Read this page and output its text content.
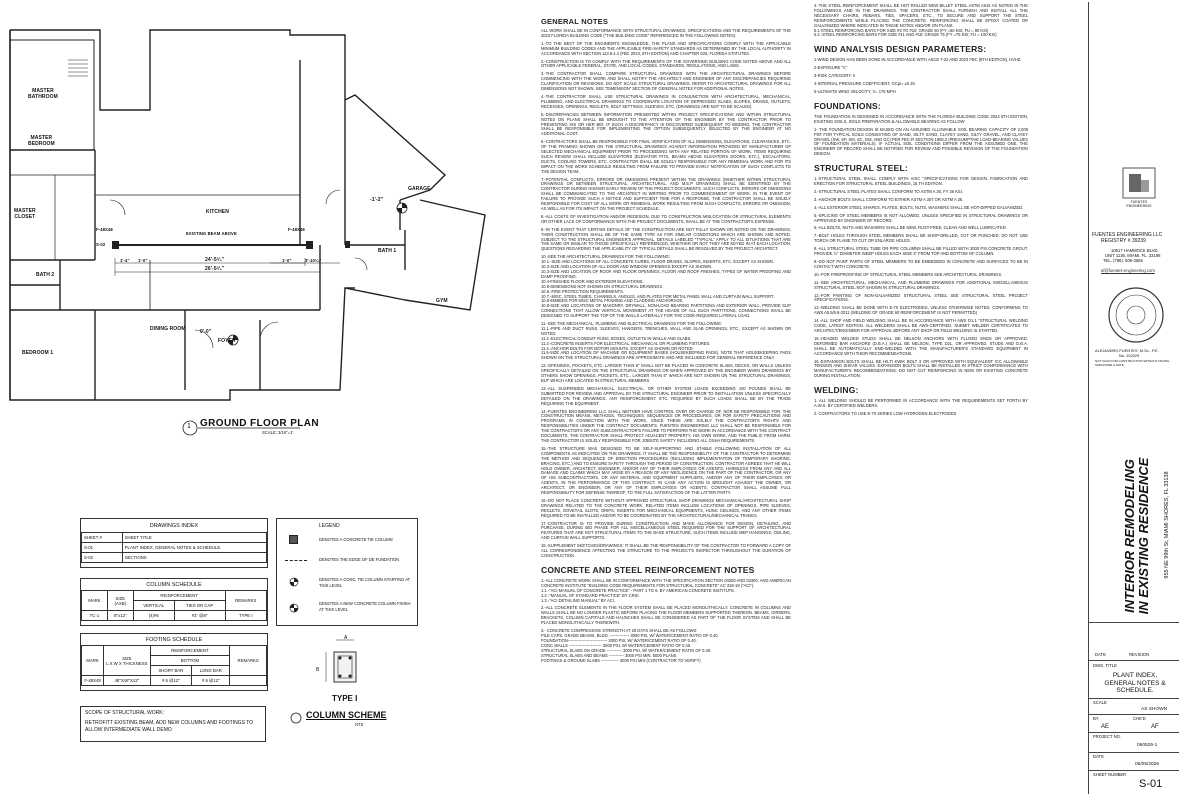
MASTER
BATHROOM
MASTER
BEDROOM
MASTER
CLOSET
BATH 2
BEDROOM 1
KITCHEN
DINING ROOM
FOYER
GARAGE
BATH 1
GYM
S-02
F-48X48	F-48X48
EXISTING BEAM ABOVE
24'-5³⁄₄"
26'-5³⁄₄"
1'-4" 1'-0"	1'-0"	3'-10¹⁄₄"
-1'-2"
0'-0"
1 GROUND FLOOR PLAN
SCALE: 3/16"=1'
DRAWINGS INDEX
SHEET #	SHEET TITLE
S-01	PLANT INDEX, GENERAL NOTES & SCHEDULE.
S-02	SECTIONS
COLUMN SCHEDULE
MARK	SIZE
(AXB)	REINFORCEMENT		REMARKS
		VERTICAL	TIES OR CAP	
TC-1	8"x12"	(4)#6	#3¨ @8"	TYPE I
FOOTING SCHEDULE
MARK	SIZE
L X W X THICKNESS	REINFORCEMENT		REMARKS
		BOTTOM		
		SHORT BAR	LONG BAR	
F-48X48	48"X48"X12"	# 6 @12"	# 6 @12"	
SCOPE OF STRUCTURAL WORK:
RETROFITT EXISTING BEAM, ADD NEW COLUMNS AND FOOTINGS TO ALLOW INTERMEDIATE WALL DEMO
LEGEND
DENOTES A CONCRETE TIE COLUMN
DENOTES THE EDGE OF DE FUNDATION
DENOTES A CONC. TIE COLUMN STARTING AT THIS LEVEL
DENOTES A NEW CONCRETE COLUMN FINISH AT THIS LEVEL
A
B
TYPE I
COLUMN SCHEME
NTS
GENERAL NOTES

ALL WORK SHALL BE IN CONFORMANCE WITH STRUCTURAL DRAWINGS, SPECIFICATIONS AND THE REQUIREMENTS OF THE 2023 FLORIDA BUILDING CODE ("THE BUILDING CODE" REFERENCED IN THE FOLLOWING NOTES).

1.-TO THE BEST OF THE ENGINEER'S KNOWLEDGE, THE PLANS AND SPECIFICATIONS COMPLY WITH THE APPLICABLE MINIMUM BUILDING CODES AND THE APPLICABLE FIRE-SAFETY STANDARDS AS DETERMINED BY THE LOCAL AUTHORITY IN ACCORDANCE WITH SECTION 113.8.4.4 (FBC 2023, 8TH EDITION) AND CHAPTER 633, FLORIDA STATUTES.

2.-CONSTRUCTION IS TO COMPLY WITH THE REQUIREMENTS OF THE GOVERNING BUILDING CODE NOTED ABOVE AND ALL OTHER APPLICABLE FEDERAL, STATE, AND LOCAL CODES, STANDARDS, REGULATIONS, AND LAWS.

3.-THE CONTRACTOR SHALL COMPARE STRUCTURAL DRAWINGS WITH THE ARCHITECTURAL DRAWINGS BEFORE COMMENCING WITH THE WORK AND SHALL NOTIFY THE ARCHITECT AND ENGINEER OF ANY DISCREPANCIES REQUIRING CLARIFICATION OR REVISIONS. DO NOT SCALE STRUCTURAL DRAWINGS. REFER TO ARCHITECTURAL DRAWINGS FOR ALL DIMENSIONS NOT SHOWN. SEE "DIMENSION" SECTION OF GENERAL NOTES FOR ADDITIONAL NOTES.

4.-THE CONTRACTOR SHALL USE STRUCTURAL DRAWINGS IN CONJUNCTION WITH ARCHITECTURAL, MECHANICAL, PLUMBING, AND ELECTRICAL DRAWINGS TO COORDINATE LOCATION OF DEPRESSED SLABS, SLOPES, DRAINS, OUTLETS, RECESSES, OPENINGS, REGLETS, BOLT SETTINGS, SLEEVES, ETC. (DRAWINGS ARE NOT TO BE SCALED).

5.-DISCREPANCIES BETWEEN INFORMATION PRESENTED WITHIN PROJECT SPECIFICATIONS AND WITHIN STRUCTURAL NOTES ON PLANS SHALL BE BROUGHT TO THE ATTENTION OF THE ENGINEER BY THE CONTRACTOR PRIOR TO PRESENTING HIS OR HER BID. IF SUCH A DISCREPANCY IS DISCOVERED SUBSEQUENT TO BIDDING, THE CONTRACTOR SHALL BE RESPONSIBLE FOR IMPLEMENTING THE OPTION SUBSEQUENTLY SELECTED BY THE ENGINEER AT NO ADDITIONAL COST.

6.-CONTRACTORS SHALL BE RESPONSIBLE FOR FINAL VERIFICATION OF ALL DIMENSIONS, ELEVATIONS, CLEARANCES, ETC. OF THE FRAMING SHOWN ON THE STRUCTURAL DRAWINGS AGAINST INFORMATION PROVIDED BY MANUFACTURER OF SELECTED MECHANICAL EQUIPMENT PRIOR TO PROCEEDING WITH ANY RELATED PORTION OF WORK. ITEMS REQUIRING SUCH REVIEW SHALL INCLUDE ELEVATORS (ELEVATOR PITS, BEAMS ABOVE ELEVATORS DOORS, ETC.), ESCALATORS, DUCTS, COOLING TOWERS, ETC. CONTRACTOR SHALL BE SOLELY RESPONSIBLE FOR ANY REMEDIAL WORK AND FOR ITS IMPACT ON THE WORK SCHEDULE RESULTING FROM FAILURE TO PROVIDE EARLY NOTIFICATION OF SUCH CONFLICTS TO THE DESIGN TEAM.

7.-POTENTIAL CONFLICTS, ERRORS OR OMISSIONS PRESENT WITHIN THE DRAWINGS (WHETHER WITHIN STRUCTURAL DRAWINGS OR BETWEEN STRUCTURAL, ARCHITECTURAL, AND M.E.P DRAWINGS) SHALL BE IDENTIFIED BY THE CONTRACTOR DURING HIS/HER EARLY REVIEW OF THE PROJECT DOCUMENTS. SUCH CONFLICTS, ERRORS OR OMISSIONS SHALL BE COMMUNICATED TO THE ARCHITECT IN WRITING PRIOR TO COMMENCEMENT OF WORK. IN THE EVENT OF FAILURE TO PROVIDE SUCH A NOTICE AND SUFFICIENT TIME FOR A RESPONSE, THE CONTRACTOR SHALL BE SOLELY RESPONSIBLE FOR COST OF ALL WORK OR REMEDIAL WORK RESULTING FROM SUCH CONFLICTS, ERRORS OR OMISSION, AS WELL AS FOR ITS IMPACT ON THE PROJECT SCHEDULE.

8.-ALL COSTS OF INVESTIGATION AND/OR REDESIGN, DUE TO CONSTRUCTION MISLOCATION OR STRUCTURAL ELEMENTS OR OTHER LACK OF CONFORMANCE WITH THE PROJECT DOCUMENTS, SHALL BE AT THE CONTRACTOR'S EXPENSE.

9.-IN THE EVENT THAT CERTAIN DETAILS OF THE CONSTRUCTION ARE NOT FULLY SHOWN OR NOTED ON THE DRAWINGS, THEIR CONSTRUCTION SHALL BE OF THE SAME TYPE AS FOR SIMILAR CONDITIONS WHICH ARE SHOWN AND NOTED. SUBJECT TO THE STRUCTURAL ENGINEER'S APPROVAL. DETAILS LABELED "TYPICAL" APPLY TO ALL SITUATIONS THAT ARE THE SAME OR SIMILAR TO THOSE SPECIFICALLY REFERENCED, WHETHER OR NOT THEY ARE KEYED IN AT EACH LOCATION. QUESTIONS REGARDING THE APPLICABILITY OF TYPICAL DETAILS SHALL BE RESOLVED BY THE PROJECT ARCHITECT.

10.-SEE THE ARCHITECTURAL DRAWINGS FOR THE FOLLOWING:
10.1.-SIZE AND LOCATIONS OF ALL CONCRETE CURBS, FLOOR DRAINS, SLOPES, INSERTS, ETC. EXCEPT AS SHOWN.
10.2-SIZE AND LOCATION OF ALL DOOR AND WINDOW OPENINGS EXCEPT AS SHOWN.
10.3-SIZE AND LOCATION OF ROOF AND FLOOR OPENINGS, FLOOR AND ROOF FINISHES, TYPES OF WATER PROOFING AND DAMP PROOFING.
10.4-FINISHED FLOOR AND EXTERIOR ELEVATIONS.
10.5-DIMENSIONS NOT SHOWN ON STRUCTURAL DRAWINGS.
10.6.-FIRE PROTECTION REQUIREMENTS.
10.7.-MISC. STEEL TUBES, CHANNELS, ANGLES, AND PLATES FOR METAL PANEL WALL AND CURTAIN WALL SUPPORT.
10.8-EMBEDS FOR MISC METAL FRAMING AND CLADDING ANCHORAGE.
10.9-SIZE AND LOCATIONS OF MASONRY, DRYWALL, NON-LOAD BEARING PARTITIONS AND EXTERIOR WALL. PROVIDE SLIP CONNECTIONS THAT ALLOW VERTICAL MOVEMENT AT THE HEADS OF ALL SUCH PARTITIONS. CONNECTIONS SHALL BE DESIGNED TO SUPPORT THE TOP OF THE WALLS LATERALLY FOR THE CODE-REQUIRED LATERAL LOAD.

11.-SEE THE MECHANICAL, PLUMBING AND ELECTRICAL DRAWINGS FOR THE FOLLOWING:
11.1.-PIPE AND DUCT RUNS, SLEEVES, HANGERS, TRENCHES, WALL AND SLAB OPENINGS, ETC., EXCEPT AS SHOWN OR NOTED.
11.2.-ELECTRICAL CONDUIT RUNS, BOXES, OUTLETS IN WALLS AND SLABS.
11.3.-CONCRETE INSERTS FOR ELECTRICAL, MECHANICAL OR PLUMBING FIXTURES.
11.4.-ANCHOR BOLTS FOR MOTOR MOUNTS, EXCEPT AS SHOWN OR NOTED.
11.5-SIZE AND LOCATION OF MACHINE OR EQUIPMENT BASES (HOUSEKEEPING PADS). NOTE THAT HOUSEKEEPING PADS SHOWN ON THE STRUCTURAL DRAWINGS ARE APPROXIMATE AND ARE INCLUDED FOR GENERAL REFERENCE ONLY.

12.-OPENINGS, POCKETS, ETC. LARGER THAN 6" SHALL NOT BE PLACED IN CONCRETE SLABS, DECKS, OR WALLS UNLESS SPECIFICALLY DETAILED ON THE STRUCTURAL DRAWINGS OR WHEN APPROVED BY THE ENGINEER WHEN DRAWINGS BY OTHERS SHOW OPENINGS, POCKETS, ETC., LARGER THAN 6" WHICH ARE NOT SHOWN ON THE STRUCTURAL DRAWINGS, BUT WHICH ARE LOCATED IN STRUCTURAL MEMBERS.

13.-ALL SUSPENDED MECHANICAL, ELECTRICAL, OR OTHER SYSTEM LOADS EXCEEDING 100 POUNDS SHALL BE SUBMITTED FOR REVIEW AND APPROVAL BY THE STRUCTURAL ENGINEER PRIOR TO INSTALLATION UNLESS SPECIFICALLY DETAILED ON THE DRAWINGS. ANY REINFORCEMENT, ETC. REQUIRED BY SUCH LOADS SHALL BE BY THE TRADE REQUIRING THE EQUIPMENT.

14.-FUENTES ENGINEERING LLC SHALL NEITHER HAVE CONTROL OVER OR CHARGE OF, NOR BE RESPONSIBLE FOR, THE CONSTRUCTION MEANS, METHODS, TECHNIQUES, SEQUENCES OR PROCEDURES, OR FOR SAFETY PRECAUTIONS AND PROGRAMS IN CONNECTION WITH THE WORK, SINCE THESE ARE SOLELY THE CONTRACTOR'S RIGHTS AND RESPONSIBILITIES UNDER THE CONTRACT DOCUMENTS. FUENTES ENGINEERING LLC SHALL NOT BE RESPONSIBLE FOR THE CONTRACTOR'S OR ANY SUBCONTRACTOR'S FAILURE TO PERFORM THE WORK IN ACCORDANCE WITH THE CONTRACT DOCUMENTS. THE CONTRACTOR SHALL PROTECT ADJACENT PROPERTY, HIS OWN WORK, AND THE PUBLIC FROM HARM. THE CONTRACTOR IS SOLELY RESPONSIBLE FOR JOBSITE SAFETY INCLUDING ALL OSHA REQUIREMENTS.

15.-THE STRUCTURE WAS DESIGNED TO BE SELF-SUPPORTING AND STABLE FOLLOWING INSTALLATION OF ALL COMPONENTS AS INDICATED ON THE DRAWINGS. IT SHALL BE THE RESPONSIBILITY OF THE CONTRACTOR TO DETERMINE THE METHOD AND SEQUENCE OF ERECTION PROCEDURES (INCLUDING IMPLEMENTATION OF TEMPORARY SHORING, BRACING, ETC.) AND TO ENSURE SAFETY THROUGH THE PERIOD OF CONSTRUCTION. CONTRACTOR AGREES THAT HE WILL HOLD OWNER, ARCHITECT, ENGINEER, AND/OR ANY OF THEIR EMPLOYEES OR AGENTS, HARMLESS FROM ANY AND ALL DAMAGE AND CLAIMS WHICH MAY ARISE BY A REASON OF ANY NEGLIGENCE ON THE PART OF THE CONTRACTOR, OR ANY OF HIS SUBCONTRACTORS, OR ANY MATERIAL AND EQUIPMENT SUPPLIERS, AND/OR ANY OF THEIR EMPLOYEES OR AGENTS, IN THE PERFORMANCE OF THIS CONTRACT. IN CASE ANY ACTION IS BROUGHT AGAINST THE OWNER, OR ARCHITECT, OR ENGINEER, OR ANY OF THEIR EMPLOYEES OR AGENTS, CONTRACTOR SHALL ASSUME FULL RESPONSIBILITY FOR DEFENSE THEREOF, TO THE FULL SATISFACTION OF THE LATTER PARTY.

16.-DO NOT PLACE CONCRETE WITHOUT APPROVED STRUCTURAL SHOP DRAWINGS MECHANICAL/ARCHITECTURAL SHOP DRAWINGS RELATED TO THE CONCRETE WORK. RELATED ITEMS INCLUDE LOCATIONS OF OPENINGS, PIPE SLEEVES, REGLETS, DOVETAIL SLOTS, DRIPS, INSERTS FOR MECHANICAL EQUIPMENTS, HUNG CEILINGS, AND ANY OTHER ITEMS REQUIRED TO BE INSTALLED AND/OR TO BE COORDINATED BY THE ARCHITECTURAL/MECHANICAL TRADES.

17.-CONTRACTOR IS TO PROVIDE DURING CONSTRUCTION AND MAKE ALLOWANCE FOR DESIGN, DETAILING, AND PURCHASE, DURING BID PHASE FOR ALL MISCELLANEOUS STEEL REQUIRED FOR THE SUPPORT OF ARCHITECTURAL FEATURES THAT ARE NOT STRUCTURAL ITEMS TO THE BASE STRUCTURE, SUCH ITEMS INCLUDE MEP HANGINGS, CEILING, AND CURTAIN WALL SUPPORTS.

18.-SUPPLEMENT SKETCHES/DRAWINGS: IT SHALL BE THE RESPONSIBILITY OF THE CONTRACTOR TO FORWARD A COPY OF ALL CORRESPONDENCE AFFECTING THE STRUCTURE TO THE PROJECT'S INSPECTOR THROUGHOUT THE DURATION OF CONSTRUCTION.

CONCRETE AND STEEL REINFORCEMENT NOTES

1.-ALL CONCRETE WORK SHALL BE IN CONFORMANCE WITH THE SPECIFICATION SECTION 03200 AND 03300, AND AMERICAN CONCRETE INSTITUTE "BUILDING CODE REQUIREMENTS FOR STRUCTURAL CONCRETE" AC 318-19 ("ACI").
1.1.-"ACI MANUAL OF CONCRETE PRACTICE" - PART 1 TO 6, BY AMERICAN CONCRETE INSTITUTE.
1.2.-"MANUAL OF STANDARD PRACTICE" BY CRSI.
1.3.-"ACI DETAILING MANUAL" BY ACI.

2.-ALL CONCRETE ELEMENTS IN THE FLOOR SYSTEM SHALL BE PLACED MONOLITHICALLY. CONCRETE IN COLUMNS AND WALLS SHALL BE NO LONGER PLASTIC BEFORE PLACING THE FLOOR MEMBERS SUPPORTED THEREON. BEAMS, GIRDERS, BRACKETS, COLUMN CAPITALS AND HAUNCHES SHALL BE CONSIDERED AS PART OF THE FLOOR SYSTEM AND SHALL BE PLACED MONOLITHICALLY THEREWITH.

3.- CONCRETE COMPRESSIVE STRENGTH AT 28 DAYS SHALL BE AS FOLLOWS:
PILE CAPS, GRADE BEAMS, BLDG. -------------- 3000 PSI, W/ WATER/CEMENT RATIO OF 0.40
FOUNDATION----------------------------- 3000 PSI, W/ WATER/CEMENT RATIO OF 0.40.
CONC WALLS ------------------------ 3000 PSI, W/ WATER/CEMENT RATIO OF 0.40.
STRUCTURAL SLABS ON GRADE ----------- 3000 PSI, W/ WATER/CEMENT RATIO OF 0.40.
STRUCTURAL SLABS AND BEAMS ----------- 3000 PSI MIN. 5000 PLANS
FOOTINGS & GROUND SLABS ------------- 3000 PSI MIN (CONTRACTOR TO VERIFY)

4.-THE STEEL REINFORCEMENT SHALL BE HOT ROLLED NEW BILLET STEEL ASTM A615 AS NOTED IN THE FOLLOWINGS AND IN THE DRAWINGS. THE CONTRACTOR SHALL FURNISH AND INSTALL ALL THE NECESSARY CHAIRS, REBARS, TIES, SPACERS, ETC., TO SECURE AND SUPPORT THE STEEL REINFORCEMENTS WHILE PLACING THE CONCRETE. REINFORCING SHALL BE EPOXY COATED OR GALVANIZED WHERE INDICATED IN THESE NOTES AND/OR ON PLANS.
5.1-STEEL REINFORCING BARS FOR SIZE #3 TO #10: GRADE 60 (FY =60 KSI; FU = 90 KSI)
5.2.-STEEL REINFORCING BARS FOR SIZE #11 AND #18: GRADE 75 (FY =75 KSI; FU = 100 KSI)

WIND ANALYSIS DESIGN PARAMETERS:

1-WIND DESIGN HAS BEEN DONE IN ACCORDANCE WITH ASCE 7-22 AND 2023 FBC (8TH EDITION), HVHZ.

2-EXPOSURE "C"

3-RISK CATEGORY: II

4-INTERNAL PRESSURE COEFFICIENT, GCpi= ±0.18

5-ULTIMATE WIND VELOCITY, V= 175 MPH

FOUNDATIONS:

THE FOUNDATION IS DESIGNED IN ACCORDANCE WITH THE FLORIDA BUILDING CODE 2023 8TH EDITION, EXISTING SOILS, SOILS PREPARATION & ALLOWABLE BEARING AS FOLLOW:

1- THE FOUNDATION DESIGN IS BASED ON AN ASSUMED ALLOWABLE SOIL BEARING CAPACITY OF 2,000 PSF FOR TYPICAL SOILS CONSISTING OF SAND, SILTY SAND, CLAYEY SAND, SILTY GRAVEL, AND CLAYEY GRAVEL (SW, SP, SM, SC, GM, AND GC) PER FBC-R SECTION 1806.2 (PRESUMPTIVE LOAD-BEARING VALUES OF FOUNDATION MATERIALS). IF ACTUAL SOIL CONDITIONS DIFFER FROM THE ASSUMED ONE, THE ENGINEER OF RECORD SHALL BE NOTIFIED FOR REVIEW AND POSSIBLE REVISION OF THE FOUNDATION DESIGN.

STRUCTURAL STEEL:

1.-STRUCTURAL STEEL SHALL COMPLY WITH AISC "SPECIFICATIONS FOR DESIGN, FABRICATION AND ERECTION FOR STRUCTURAL STEEL BUILDINGS, 15 TH EDITION.

2.-STRUCTURAL STEEL PLATES SHALL CONFORM TO ASTM A 36, FY 36 KSI.

3.-ANCHOR BOLTS SHALL CONFORM TO EITHER ASTM A 307 OR ASTM A 36.

4.-ALL EXTERIOR STEEL SHAPES, PLATES, BOLTS, NUTS, WASHERS SHALL BE HOT-DIPPED GALVANIZED.

5.-SPLICING OF STEEL MEMBERS IS NOT ALLOWED, UNLESS SPECIFIED IN STRUCTURAL DRAWINGS OR APPROVED BY ENGINEER OF RECORD.

6.-ALL BOLTS, NUTS AND WASHERS SHALL BE NEW, RUST-FREE, CLEAN AND WELL LUBRICATED.

7.-BOLT HOLES THROUGH STEEL MEMBERS SHALL BE SHOP-DRILLED, CUT OR PUNCHED. DO NOT USE TORCH OR FLAME TO CUT OR ENLARGE HOLES.

8.-ALL STRUCTURAL STEEL TUBE OR PIPE COLUMNS SHALL BE FILLED WITH 3000 PSI CONCRETE GROUT. PROVIDE ½" DIAMETER WEEP HOLES EACH SIDE 3" FROM TOP AND BOTTOM OF COLUMN.

9.-DO NOT PAINT PARTS OF STEEL MEMBERS TO BE EMBEDDED IN CONCRETE AND SURFACES TO BE IN CONTACT WITH CONCRETE.

10.-FOR FIREPROOFING OF STRUCTURAL STEEL MEMBERS SEE ARCHITECTURAL DRAWINGS.

11.-SEE ARCHITECTURAL, MECHANICAL, AND PLUMBING DRAWINGS FOR ADDITIONAL MISCELLANEOUS STRUCTURAL STEEL NOT SHOWN IN STRUCTURAL DRAWINGS.

12.-FOR PAINTING OF NON-GALVANIZED STRUCTURAL STEEL SEE STRUCTURAL STEEL PROJECT SPECIFICATIONS.

13.-WELDING SHALL BE DONE WITH E-70 ELECTRODES, UNLESS OTHERWISE NOTED. CONFORMING TO AWS A5.5/5.8-2011 (WELDING OF GRADE 60 REINFORCEMENT IS NOT PERMITTED)

14.-ALL SHOP AND FIELD WELDING SHALL BE IN ACCORDANCE WITH AWS D1.1 "STRUCTURAL WELDING CODE, LATEST EDITION. ALL WELDERS SHALL BE AWS-CERTIFIED. SUBMIT WELDER CERTIFICATES TO ARCHITECT/ENGINEER FOR APPROVAL BEFORE ANY SHOP OR FIELD WELDING IS STARTED.

15.-HEADED WELDED STUDS SHALL BE NELSON ANCHORS WITH FLUXED ENDS OR APPROVED. DEFORMED BAR ANCHORS (D.B.A.) SHALL BE NELSON, TYPE D2L, OR APPROVED. STUDS AND D.B.A. SHALL BE AUTOMATICALLY END-WELDED WITH THE MANUFACTURER'S STANDARD EQUIPMENT IN ACCORDANCE WITH THEIR RECOMMENDATIONS.

16.-EXPANSION BOLTS SHALL BE HILTI KWIK BOLT 3 OR APPROVED WITH EQUIVALENT ICC ALLOWABLE TENSION AND SHEAR VALUES. EXPANSION BOLTS SHALL BE INSTALLED IN STRICT CONFORMANCE WITH MANUFACTURER'S RECOMMENDATIONS. DO NOT CUT REINFORCING IN NEW OR EXISTING CONCRETE DURING INSTALLATION.

WELDING:

1. ALL WELDING SHOULD BE PERFORMED IN ACCORDANCE WITH THE REQUIREMENTS SET FORTH BY A.W.S. BY CERTIFIED WELDERS.

2. CONTRACTORS TO USE E-70 SERIES LOW HYDROGEN ELECTRODES

FUENTES
ENGINEERING
FUENTES ENGINEERING LLC
REGISTRY # 39239
10617 HAMMOCK BLVD.
UNIT 1136, MIAMI, FL. 33196
TEL. (786). 505-3555
af@fuentes-engineering.com
ALEJANDRO FUENTES, M.Sc., P.E.
No. 102029
NOT VALID FOR CONSTRUCTION WITHOUT DIGITAL SIGNATURE & DATE
INTERIOR REMODELING
IN EXISTING RESIDENCE 955 NE 99th St, MIAMI SHORES, FL 33138
DATE	REVISION
DWG. TITLE
PLANT INDEX,
GENERAL NOTES &
SCHEDULE.
SCALE
AS SHOWN
BY	CHK'D
AE	AF
PROJECT NO.
060526-1
DATE
06/05/2026
SHEET NUMBER
S-01
